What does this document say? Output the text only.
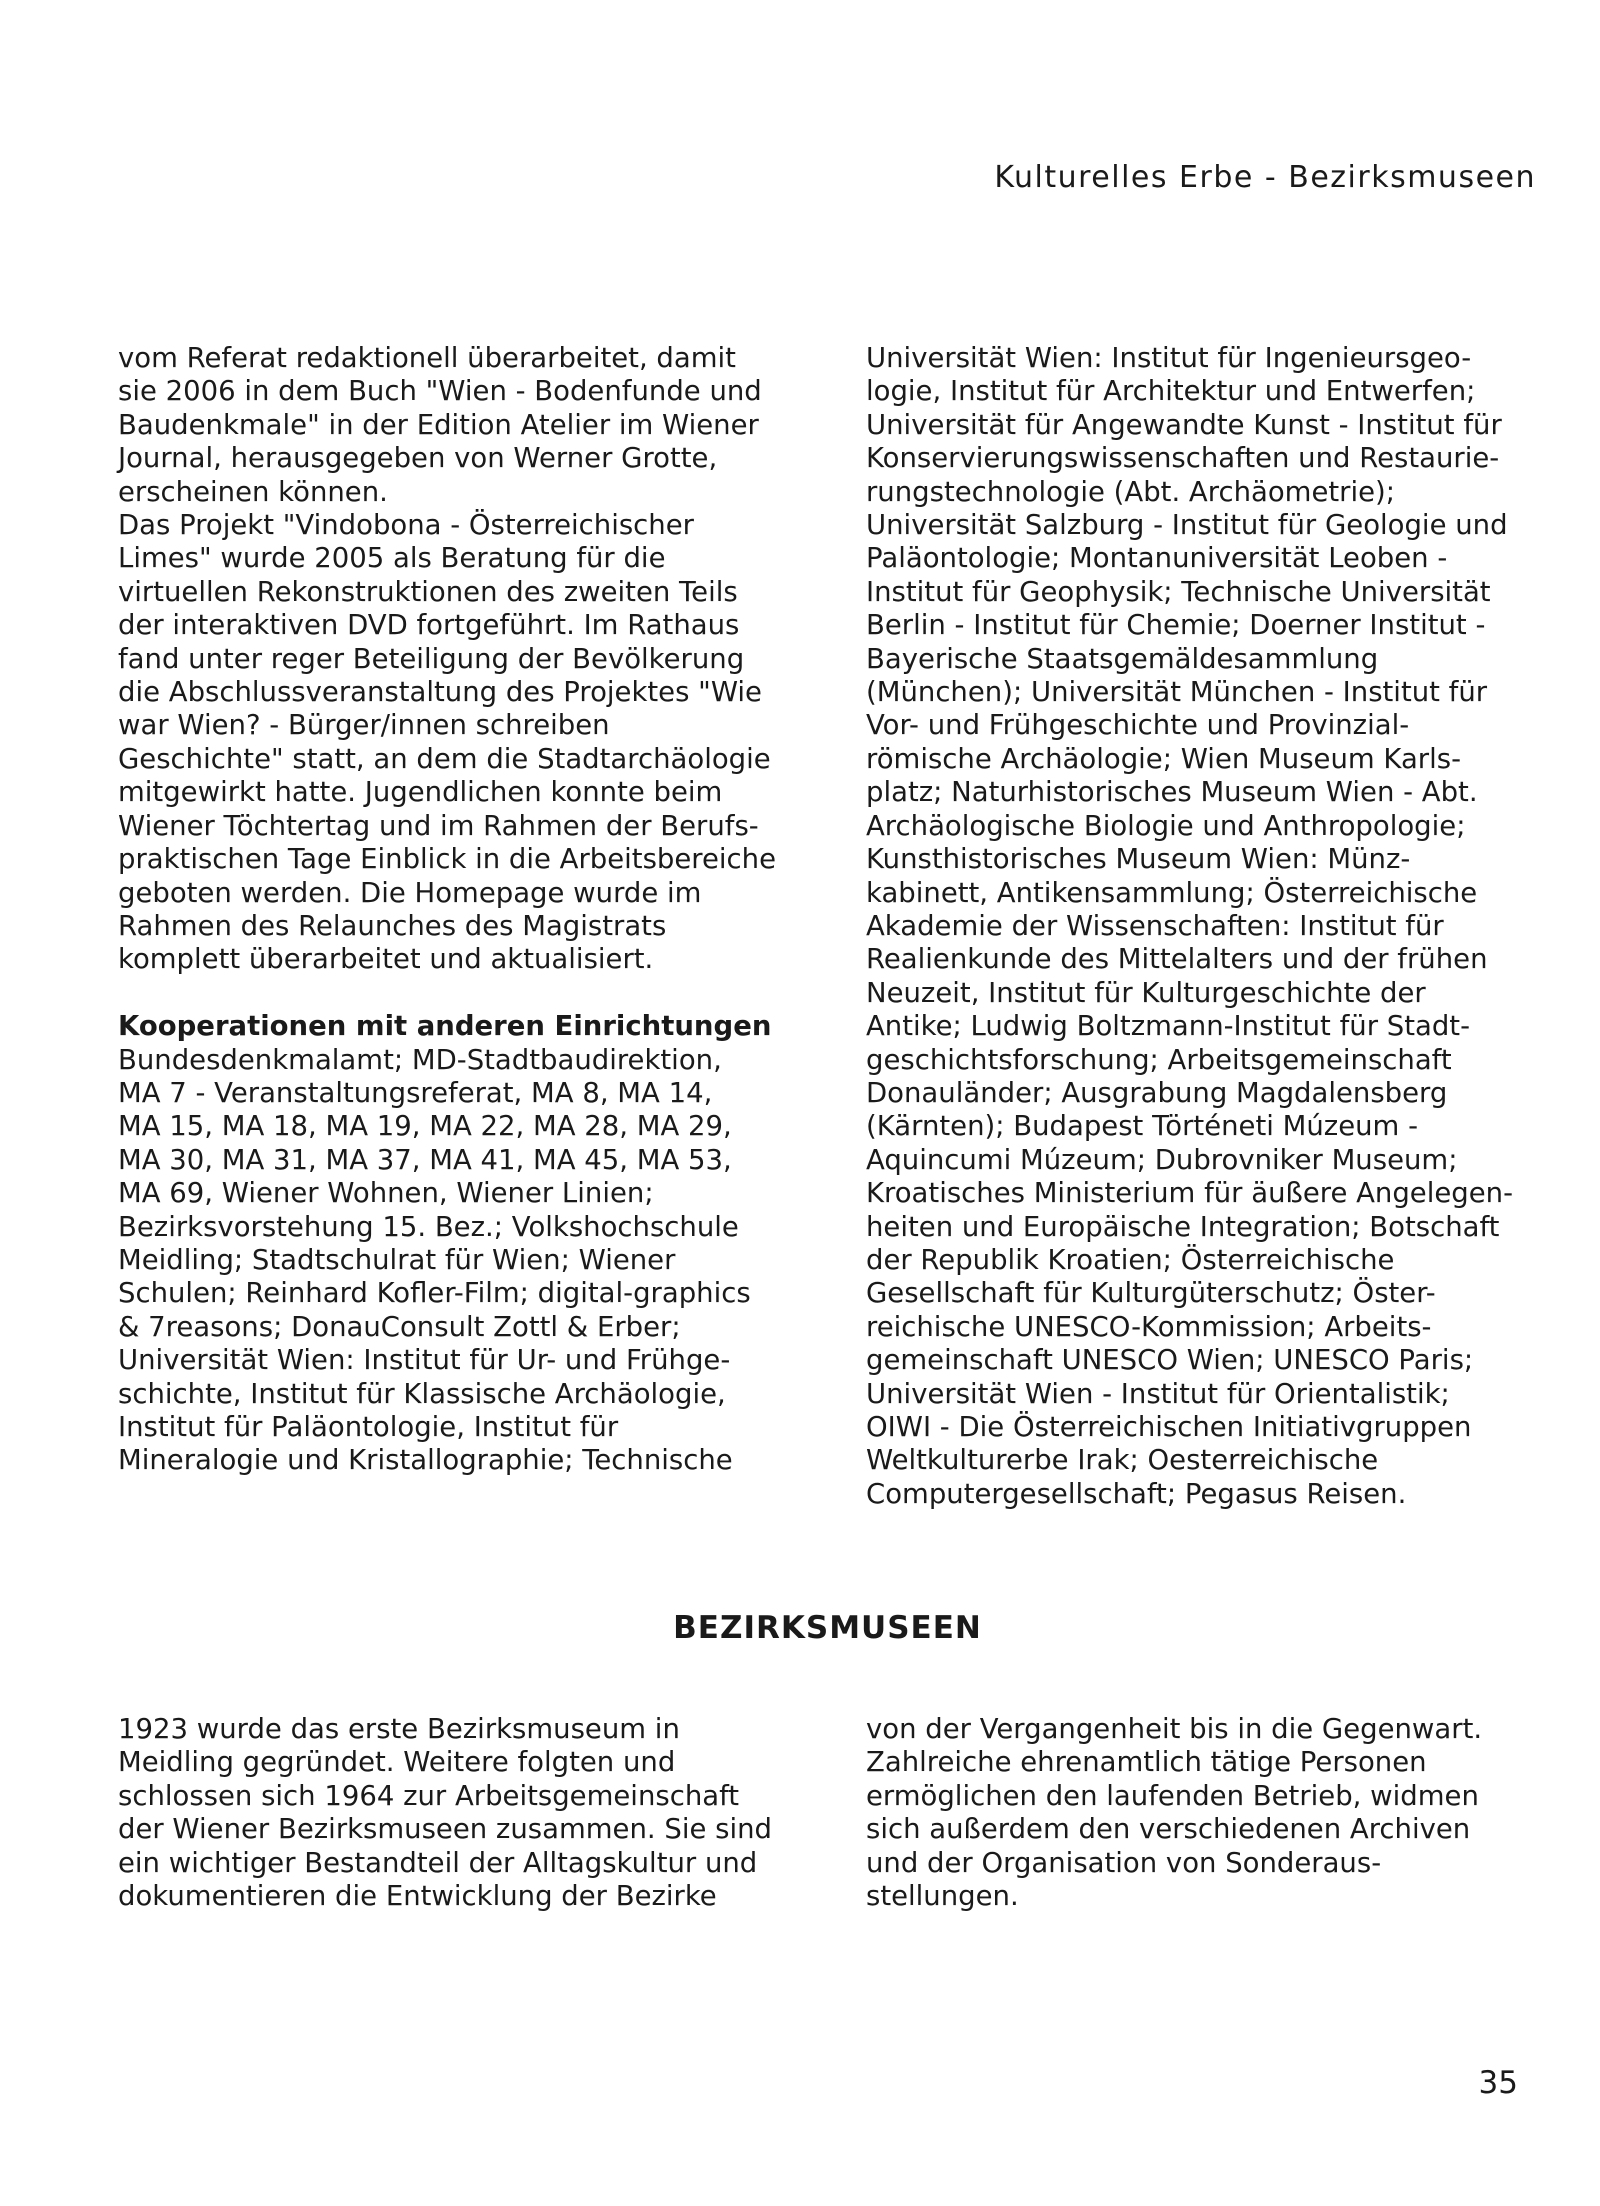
Kulturelles Erbe - Bezirksmuseen
vom Referat redaktionell überarbeitet, damit
sie 2006 in dem Buch "Wien - Bodenfunde und
Baudenkmale" in der Edition Atelier im Wiener
Journal, herausgegeben von Werner Grotte,
erscheinen können.
Das Projekt "Vindobona - Österreichischer
Limes" wurde 2005 als Beratung für die
virtuellen Rekonstruktionen des zweiten Teils
der interaktiven DVD fortgeführt. Im Rathaus
fand unter reger Beteiligung der Bevölkerung
die Abschlussveranstaltung des Projektes "Wie
war Wien? - Bürger/innen schreiben
Geschichte" statt, an dem die Stadtarchäologie
mitgewirkt hatte. Jugendlichen konnte beim
Wiener Töchtertag und im Rahmen der Berufs-
praktischen Tage Einblick in die Arbeitsbereiche
geboten werden. Die Homepage wurde im
Rahmen des Relaunches des Magistrats
komplett überarbeitet und aktualisiert.
Kooperationen mit anderen Einrichtungen
Bundesdenkmalamt; MD-Stadtbaudirektion,
MA 7 - Veranstaltungsreferat, MA 8, MA 14,
MA 15, MA 18, MA 19, MA 22, MA 28, MA 29,
MA 30, MA 31, MA 37, MA 41, MA 45, MA 53,
MA 69, Wiener Wohnen, Wiener Linien;
Bezirksvorstehung 15. Bez.; Volkshochschule
Meidling; Stadtschulrat für Wien; Wiener
Schulen; Reinhard Kofler-Film; digital-graphics
& 7reasons; DonauConsult Zottl & Erber;
Universität Wien: Institut für Ur- und Frühge-
schichte, Institut für Klassische Archäologie,
Institut für Paläontologie, Institut für
Mineralogie und Kristallographie; Technische
Universität Wien: Institut für Ingenieursgeo-
logie, Institut für Architektur und Entwerfen;
Universität für Angewandte Kunst - Institut für
Konservierungswissenschaften und Restaurie-
rungstechnologie (Abt. Archäometrie);
Universität Salzburg - Institut für Geologie und
Paläontologie; Montanuniversität Leoben -
Institut für Geophysik; Technische Universität
Berlin - Institut für Chemie; Doerner Institut -
Bayerische Staatsgemäldesammlung
(München); Universität München - Institut für
Vor- und Frühgeschichte und Provinzial-
römische Archäologie; Wien Museum Karls-
platz; Naturhistorisches Museum Wien - Abt.
Archäologische Biologie und Anthropologie;
Kunsthistorisches Museum Wien: Münz-
kabinett, Antikensammlung; Österreichische
Akademie der Wissenschaften: Institut für
Realienkunde des Mittelalters und der frühen
Neuzeit, Institut für Kulturgeschichte der
Antike; Ludwig Boltzmann-Institut für Stadt-
geschichtsforschung; Arbeitsgemeinschaft
Donauländer; Ausgrabung Magdalensberg
(Kärnten); Budapest Történeti Múzeum -
Aquincumi Múzeum; Dubrovniker Museum;
Kroatisches Ministerium für äußere Angelegen-
heiten und Europäische Integration; Botschaft
der Republik Kroatien; Österreichische
Gesellschaft für Kulturgüterschutz; Öster-
reichische UNESCO-Kommission; Arbeits-
gemeinschaft UNESCO Wien; UNESCO Paris;
Universität Wien - Institut für Orientalistik;
OIWI - Die Österreichischen Initiativgruppen
Weltkulturerbe Irak; Oesterreichische
Computergesellschaft; Pegasus Reisen.
BEZIRKSMUSEEN
1923 wurde das erste Bezirksmuseum in
Meidling gegründet. Weitere folgten und
schlossen sich 1964 zur Arbeitsgemeinschaft
der Wiener Bezirksmuseen zusammen. Sie sind
ein wichtiger Bestandteil der Alltagskultur und
dokumentieren die Entwicklung der Bezirke
von der Vergangenheit bis in die Gegenwart.
Zahlreiche ehrenamtlich tätige Personen
ermöglichen den laufenden Betrieb, widmen
sich außerdem den verschiedenen Archiven
und der Organisation von Sonderaus-
stellungen.
35
